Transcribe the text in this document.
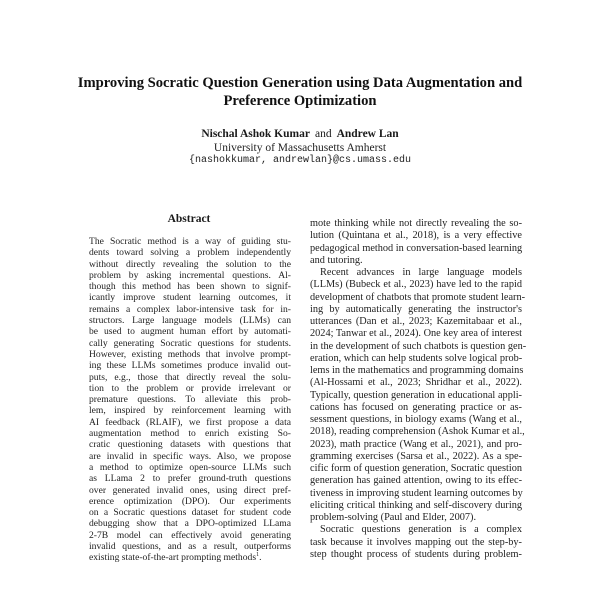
Improving Socratic Question Generation using Data Augmentation and
Preference Optimization
Nischal Ashok Kumar and Andrew Lan
University of Massachusetts Amherst
{nashokkumar, andrewlan}@cs.umass.edu
Abstract
The Socratic method is a way of guiding stu-
dents toward solving a problem independently
without directly revealing the solution to the
problem by asking incremental questions. Al-
though this method has been shown to signif-
icantly improve student learning outcomes, it
remains a complex labor-intensive task for in-
structors. Large language models (LLMs) can
be used to augment human effort by automati-
cally generating Socratic questions for students.
However, existing methods that involve prompt-
ing these LLMs sometimes produce invalid out-
puts, e.g., those that directly reveal the solu-
tion to the problem or provide irrelevant or
premature questions. To alleviate this prob-
lem, inspired by reinforcement learning with
AI feedback (RLAIF), we first propose a data
augmentation method to enrich existing So-
cratic questioning datasets with questions that
are invalid in specific ways. Also, we propose
a method to optimize open-source LLMs such
as LLama 2 to prefer ground-truth questions
over generated invalid ones, using direct pref-
erence optimization (DPO). Our experiments
on a Socratic questions dataset for student code
debugging show that a DPO-optimized LLama
2-7B model can effectively avoid generating
invalid questions, and as a result, outperforms
existing state-of-the-art prompting methods$^1$.
mote thinking while not directly revealing the so-
lution (Quintana et al., 2018), is a very effective
pedagogical method in conversation-based learning
and tutoring.
Recent advances in large language models
(LLMs) (Bubeck et al., 2023) have led to the rapid
development of chatbots that promote student learn-
ing by automatically generating the instructor's
utterances (Dan et al., 2023; Kazemitabaar et al.,
2024; Tanwar et al., 2024). One key area of interest
in the development of such chatbots is question gen-
eration, which can help students solve logical prob-
lems in the mathematics and programming domains
(Al-Hossami et al., 2023; Shridhar et al., 2022).
Typically, question generation in educational appli-
cations has focused on generating practice or as-
sessment questions, in biology exams (Wang et al.,
2018), reading comprehension (Ashok Kumar et al.,
2023), math practice (Wang et al., 2021), and pro-
gramming exercises (Sarsa et al., 2022). As a spe-
cific form of question generation, Socratic question
generation has gained attention, owing to its effec-
tiveness in improving student learning outcomes by
eliciting critical thinking and self-discovery during
problem-solving (Paul and Elder, 2007).
Socratic questions generation is a complex
task because it involves mapping out the step-by-
step thought process of students during problem-
